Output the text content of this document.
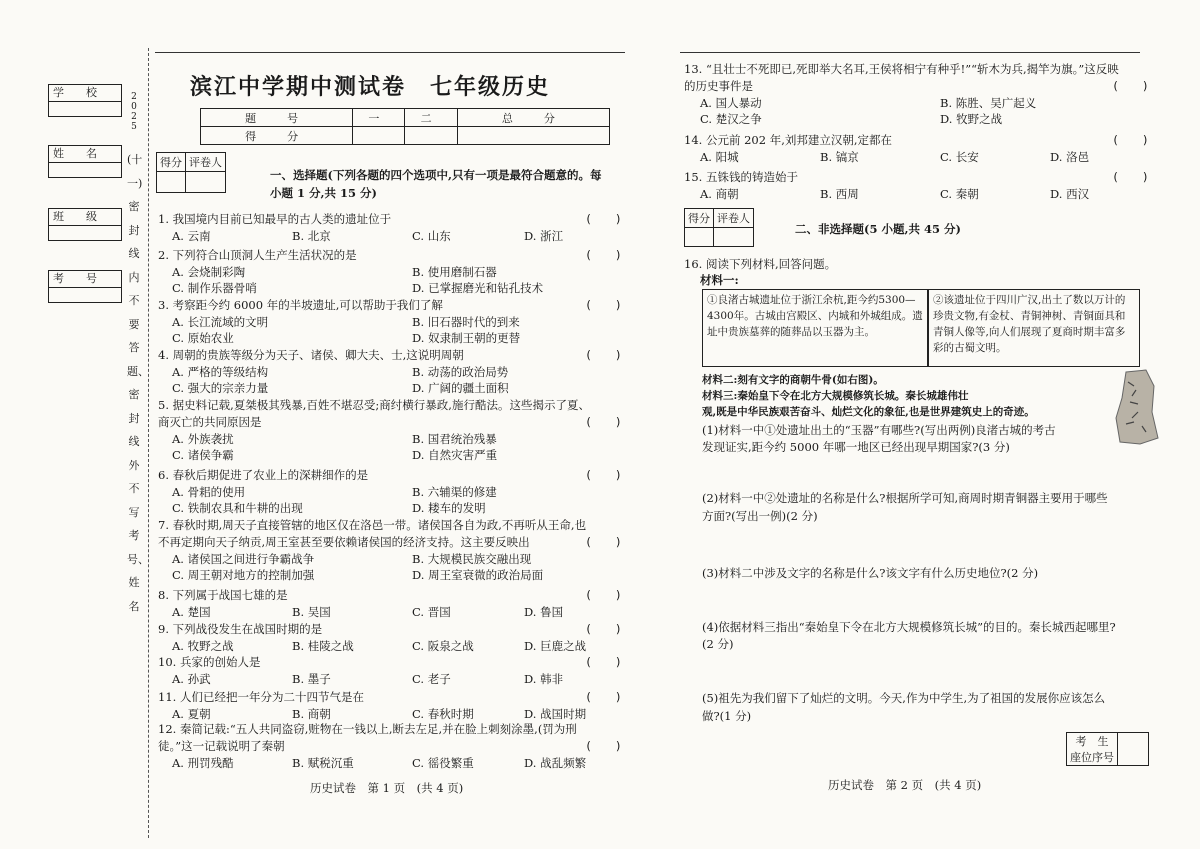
学校
姓名
班级
考号
2025
(十一)密封线内不要答题、密封线外不写考号、姓名
滨江中学期中测试卷　七年级历史
题　号	一	二	总　分
得　分			
得分	评卷人

一、选择题(下列各题的四个选项中,只有一项是最符合题意的。每
小题 1 分,共 15 分)
1. 我国境内目前已知最早的古人类的遗址位于	(　　)
A. 云南	B. 北京	C. 山东	D. 浙江
2. 下列符合山顶洞人生产生活状况的是	(　　)
A. 会烧制彩陶	B. 使用磨制石器
C. 制作乐器骨哨	D. 已掌握磨光和钻孔技术
3. 考察距今约 6000 年的半坡遗址,可以帮助于我们了解	(　　)
A. 长江流域的文明	B. 旧石器时代的到来
C. 原始农业	D. 奴隶制王朝的更替
4. 周朝的贵族等级分为天子、诸侯、卿大夫、士,这说明周朝	(　　)
A. 严格的等级结构	B. 动荡的政治局势
C. 强大的宗亲力量	D. 广阔的疆土面积
5. 据史料记载,夏桀极其残暴,百姓不堪忍受;商纣横行暴政,施行酷法。这些揭示了夏、
商灭亡的共同原因是	(　　)
A. 外族袭扰	B. 国君统治残暴
C. 诸侯争霸	D. 自然灾害严重
6. 春秋后期促进了农业上的深耕细作的是	(　　)
A. 骨耜的使用	B. 六辅渠的修建
C. 铁制农具和牛耕的出现	D. 耧车的发明
7. 春秋时期,周天子直接管辖的地区仅在洛邑一带。诸侯国各自为政,不再听从王命,也
不再定期向天子纳贡,周王室甚至要依赖诸侯国的经济支持。这主要反映出	(　　)
A. 诸侯国之间进行争霸战争	B. 大规模民族交融出现
C. 周王朝对地方的控制加强	D. 周王室衰微的政治局面
8. 下列属于战国七雄的是	(　　)
A. 楚国	B. 吴国	C. 晋国	D. 鲁国
9. 下列战役发生在战国时期的是	(　　)
A. 牧野之战	B. 桂陵之战	C. 阪泉之战	D. 巨鹿之战
10. 兵家的创始人是	(　　)
A. 孙武	B. 墨子	C. 老子	D. 韩非
11. 人们已经把一年分为二十四节气是在	(　　)
A. 夏朝	B. 商朝	C. 春秋时期	D. 战国时期
12. 秦简记载:“五人共同盗窃,赃物在一钱以上,断去左足,并在脸上刺刻涂墨,(罚为刑
徒。”这一记载说明了秦朝	(　　)
A. 刑罚残酷	B. 赋税沉重	C. 徭役繁重	D. 战乱频繁
13. “且壮士不死即已,死即举大名耳,王侯将相宁有种乎!”“斩木为兵,揭竿为旗。”这反映
的历史事件是	(　　)
A. 国人暴动	B. 陈胜、吴广起义
C. 楚汉之争	D. 牧野之战
14. 公元前 202 年,刘邦建立汉朝,定都在	(　　)
A. 阳城	B. 镐京	C. 长安	D. 洛邑
15. 五铢钱的铸造始于	(　　)
A. 商朝	B. 西周	C. 秦朝	D. 西汉
历史试卷　第 1 页　(共 4 页)
得分	评卷人

二、非选择题(5 小题,共 45 分)
16. 阅读下列材料,回答问题。
材料一:
①良渚古城遗址位于浙江余杭,距今约5300—4300年。古城由宫殿区、内城和外城组成。遗址中贵族墓葬的随葬品以玉器为主。
②该遗址位于四川广汉,出土了数以万计的珍贵文物,有金杖、青铜神树、青铜面具和青铜人像等,向人们展现了夏商时期丰富多彩的古蜀文明。
材料二:刻有文字的商朝牛骨(如右图)。
材料三:秦始皇下令在北方大规模修筑长城。秦长城雄伟壮
观,既是中华民族艰苦奋斗、灿烂文化的象征,也是世界建筑史上的奇迹。
(1)材料一中①处遗址出土的“玉器”有哪些?(写出两例)良渚古城的考古
发现证实,距今约 5000 年哪一地区已经出现早期国家?(3 分)
(2)材料一中②处遗址的名称是什么?根据所学可知,商周时期青铜器主要用于哪些
方面?(写出一例)(2 分)
(3)材料二中涉及文字的名称是什么?该文字有什么历史地位?(2 分)
(4)依据材料三指出“秦始皇下令在北方大规模修筑长城”的目的。秦长城西起哪里?
(2 分)
(5)祖先为我们留下了灿烂的文明。今天,作为中学生,为了祖国的发展你应该怎么
做?(1 分)
考　生	
座位序号
历史试卷　第 2 页　(共 4 页)
